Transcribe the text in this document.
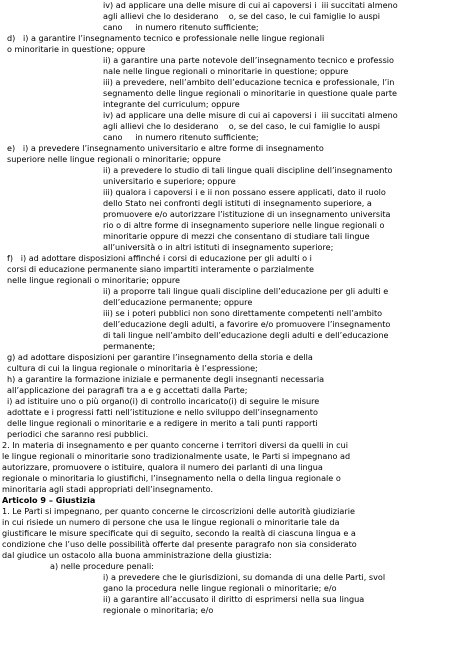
iv) ad applicare una delle misure di cui ai capoversi i  iii succitati almeno
agli allievi che lo desiderano    o, se del caso, le cui famiglie lo auspi
cano     in numero ritenuto sufficiente;
d)   i) a garantire l’insegnamento tecnico e professionale nelle lingue regionali
o minoritarie in questione; oppure
ii) a garantire una parte notevole dell’insegnamento tecnico e professio
nale nelle lingue regionali o minoritarie in questione; oppure
iii) a prevedere, nell’ambito dell’educazione tecnica e professionale, l’in
segnamento delle lingue regionali o minoritarie in questione quale parte
integrante del curriculum; oppure
iv) ad applicare una delle misure di cui ai capoversi i  iii succitati almeno
agli allievi che lo desiderano    o, se del caso, le cui famiglie lo auspi
cano     in numero ritenuto sufficiente;
e)   i) a prevedere l’insegnamento universitario e altre forme di insegnamento
superiore nelle lingue regionali o minoritarie; oppure
ii) a prevedere lo studio di tali lingue quali discipline dell’insegnamento
universitario e superiore; oppure
iii) qualora i capoversi i e ii non possano essere applicati, dato il ruolo
dello Stato nei confronti degli istituti di insegnamento superiore, a
promuovere e/o autorizzare l’istituzione di un insegnamento universita
rio o di altre forme di insegnamento superiore nelle lingue regionali o
minoritarie oppure di mezzi che consentano di studiare tali lingue
all’università o in altri istituti di insegnamento superiore;
f)   i) ad adottare disposizioni affinché i corsi di educazione per gli adulti o i
corsi di educazione permanente siano impartiti interamente o parzialmente
nelle lingue regionali o minoritarie; oppure
ii) a proporre tali lingue quali discipline dell’educazione per gli adulti e
dell’educazione permanente; oppure
iii) se i poteri pubblici non sono direttamente competenti nell’ambito
dell’educazione degli adulti, a favorire e/o promuovere l’insegnamento
di tali lingue nell’ambito dell’educazione degli adulti e dell’educazione
permanente;
g) ad adottare disposizioni per garantire l’insegnamento della storia e della
cultura di cui la lingua regionale o minoritaria è l’espressione;
h) a garantire la formazione iniziale e permanente degli insegnanti necessaria
all’applicazione dei paragrafi tra a e g accettati dalla Parte;
i) ad istituire uno o più organo(i) di controllo incaricato(i) di seguire le misure
adottate e i progressi fatti nell’istituzione e nello sviluppo dell’insegnamento
delle lingue regionali o minoritarie e a redigere in merito a tali punti rapporti
periodici che saranno resi pubblici.
2. In materia di insegnamento e per quanto concerne i territori diversi da quelli in cui
le lingue regionali o minoritarie sono tradizionalmente usate, le Parti si impegnano ad
autorizzare, promuovere o istituire, qualora il numero dei parlanti di una lingua
regionale o minoritaria lo giustifichi, l’insegnamento nella o della lingua regionale o
minoritaria agli stadi appropriati dell’insegnamento.
Articolo 9 – Giustizia
1. Le Parti si impegnano, per quanto concerne le circoscrizioni delle autorità giudiziarie
in cui risiede un numero di persone che usa le lingue regionali o minoritarie tale da
giustificare le misure specificate qui di seguito, secondo la realtà di ciascuna lingua e a
condizione che l’uso delle possibilità offerte dal presente paragrafo non sia considerato
dal giudice un ostacolo alla buona amministrazione della giustizia:
a) nelle procedure penali:
i) a prevedere che le giurisdizioni, su domanda di una delle Parti, svol
gano la procedura nelle lingue regionali o minoritarie; e/o
ii) a garantire all’accusato il diritto di esprimersi nella sua lingua
regionale o minoritaria; e/o
